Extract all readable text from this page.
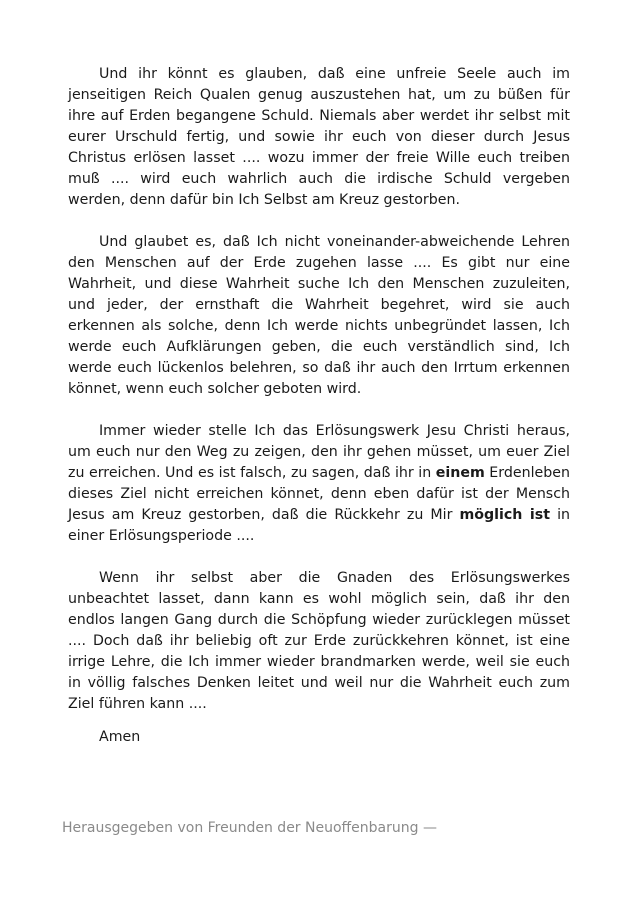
Und ihr könnt es glauben, daß eine unfreie Seele auch im jenseitigen Reich Qualen genug auszustehen hat, um zu büßen für ihre auf Erden begangene Schuld. Niemals aber werdet ihr selbst mit eurer Urschuld fertig, und sowie ihr euch von dieser durch Jesus Christus erlösen lasset .... wozu immer der freie Wille euch treiben muß .... wird euch wahrlich auch die irdische Schuld vergeben werden, denn dafür bin Ich Selbst am Kreuz gestorben.

Und glaubet es, daß Ich nicht voneinander-abweichende Lehren den Menschen auf der Erde zugehen lasse .... Es gibt nur eine Wahrheit, und diese Wahrheit suche Ich den Menschen zuzuleiten, und jeder, der ernsthaft die Wahrheit begehret, wird sie auch erkennen als solche, denn Ich werde nichts unbegründet lassen, Ich werde euch Aufklärungen geben, die euch verständlich sind, Ich werde euch lückenlos belehren, so daß ihr auch den Irrtum erkennen könnet, wenn euch solcher geboten wird.

Immer wieder stelle Ich das Erlösungswerk Jesu Christi heraus, um euch nur den Weg zu zeigen, den ihr gehen müsset, um euer Ziel zu erreichen. Und es ist falsch, zu sagen, daß ihr in einem Erdenleben dieses Ziel nicht erreichen könnet, denn eben dafür ist der Mensch Jesus am Kreuz gestorben, daß die Rückkehr zu Mir möglich ist in einer Erlösungsperiode ....

Wenn ihr selbst aber die Gnaden des Erlösungswerkes unbeachtet lasset, dann kann es wohl möglich sein, daß ihr den endlos langen Gang durch die Schöpfung wieder zurücklegen müsset .... Doch daß ihr beliebig oft zur Erde zurückkehren könnet, ist eine irrige Lehre, die Ich immer wieder brandmarken werde, weil sie euch in völlig falsches Denken leitet und weil nur die Wahrheit euch zum Ziel führen kann ....

Amen
Herausgegeben von Freunden der Neuoffenbarung —
